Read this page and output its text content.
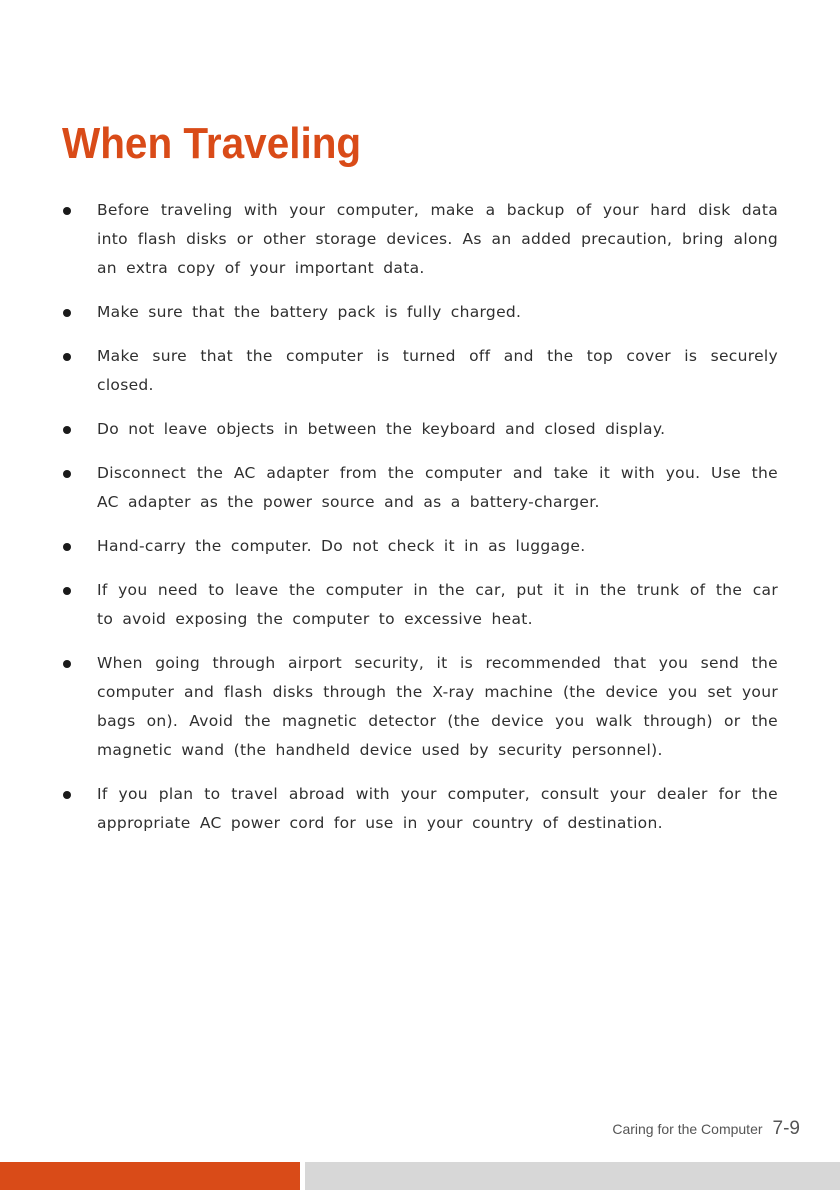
When Traveling
Before traveling with your computer, make a backup of your hard disk data into flash disks or other storage devices. As an added precaution, bring along an extra copy of your important data.
Make sure that the battery pack is fully charged.
Make sure that the computer is turned off and the top cover is securely closed.
Do not leave objects in between the keyboard and closed display.
Disconnect the AC adapter from the computer and take it with you. Use the AC adapter as the power source and as a battery-charger.
Hand-carry the computer. Do not check it in as luggage.
If you need to leave the computer in the car, put it in the trunk of the car to avoid exposing the computer to excessive heat.
When going through airport security, it is recommended that you send the computer and flash disks through the X-ray machine (the device you set your bags on). Avoid the magnetic detector (the device you walk through) or the magnetic wand (the handheld device used by security personnel).
If you plan to travel abroad with your computer, consult your dealer for the appropriate AC power cord for use in your country of destination.
Caring for the Computer 7-9
